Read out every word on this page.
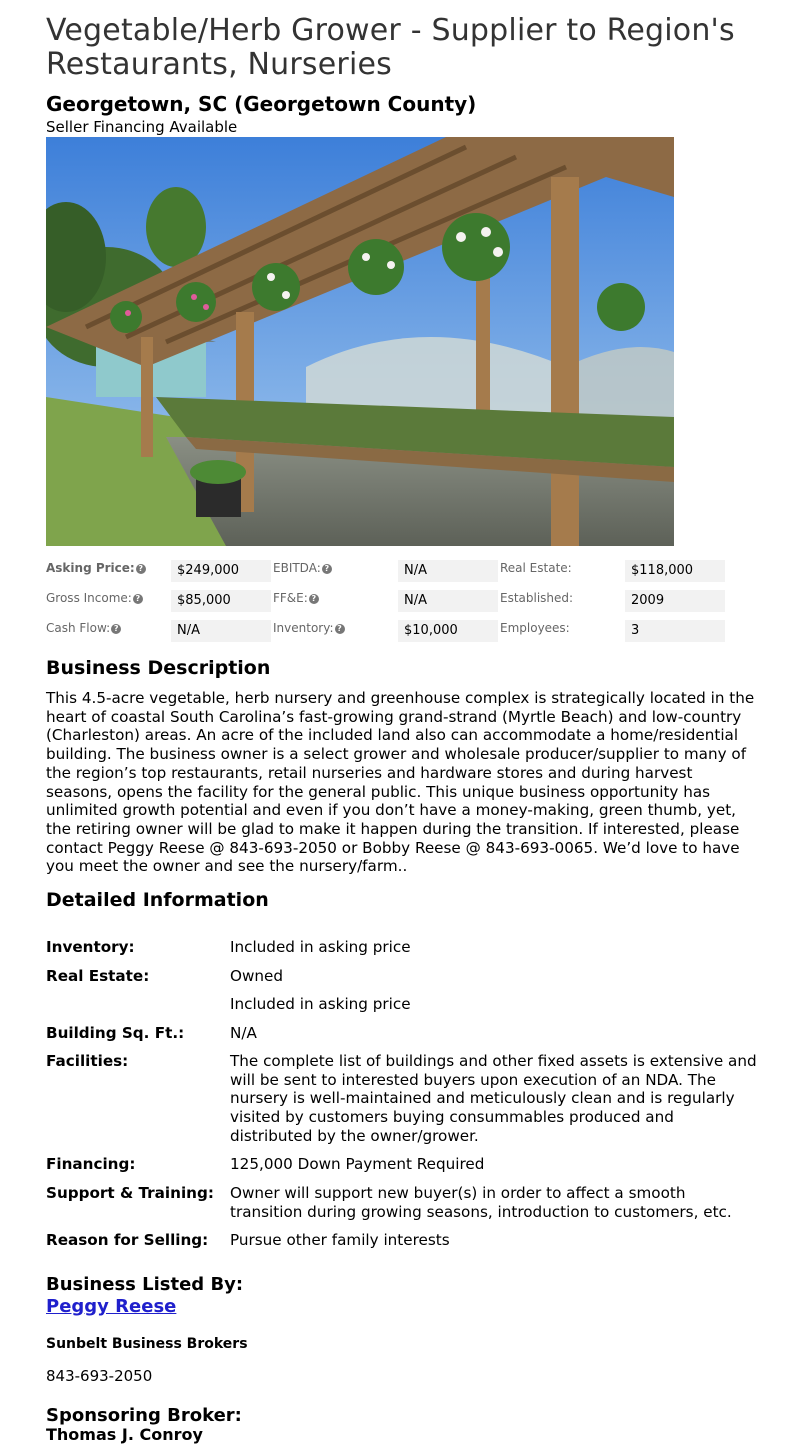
Vegetable/Herb Grower - Supplier to Region's Restaurants, Nurseries
Georgetown, SC (Georgetown County)
Seller Financing Available
Asking Price: ?	$249,000	EBITDA: ?	N/A	Real Estate:	$118,000
Gross Income: ?	$85,000	FF&E: ?	N/A	Established:	2009
Cash Flow: ?	N/A	Inventory: ?	$10,000	Employees:	3
Business Description

This 4.5-acre vegetable, herb nursery and greenhouse complex is strategically located in the heart of coastal South Carolina’s fast-growing grand-strand (Myrtle Beach) and low-country (Charleston) areas. An acre of the included land also can accommodate a home/residential building. The business owner is a select grower and wholesale producer/supplier to many of the region’s top restaurants, retail nurseries and hardware stores and during harvest seasons, opens the facility for the general public. This unique business opportunity has unlimited growth potential and even if you don’t have a money-making, green thumb, yet, the retiring owner will be glad to make it happen during the transition. If interested, please contact Peggy Reese @ 843-693-2050 or Bobby Reese @ 843-693-0065. We’d love to have you meet the owner and see the nursery/farm..

Detailed Information
Inventory:	Included in asking price
Real Estate:	Owned
Included in asking price
Building Sq. Ft.:	N/A
Facilities:	The complete list of buildings and other fixed assets is extensive and will be sent to interested buyers upon execution of an NDA. The nursery is well-maintained and meticulously clean and is regularly visited by customers buying consummables produced and distributed by the owner/grower.
Financing:	125,000 Down Payment Required
Support & Training:	Owner will support new buyer(s) in order to affect a smooth transition during growing seasons, introduction to customers, etc.
Reason for Selling:	Pursue other family interests
Business Listed By:
Peggy Reese
Sunbelt Business Brokers
843-693-2050
Sponsoring Broker:
Thomas J. Conroy
